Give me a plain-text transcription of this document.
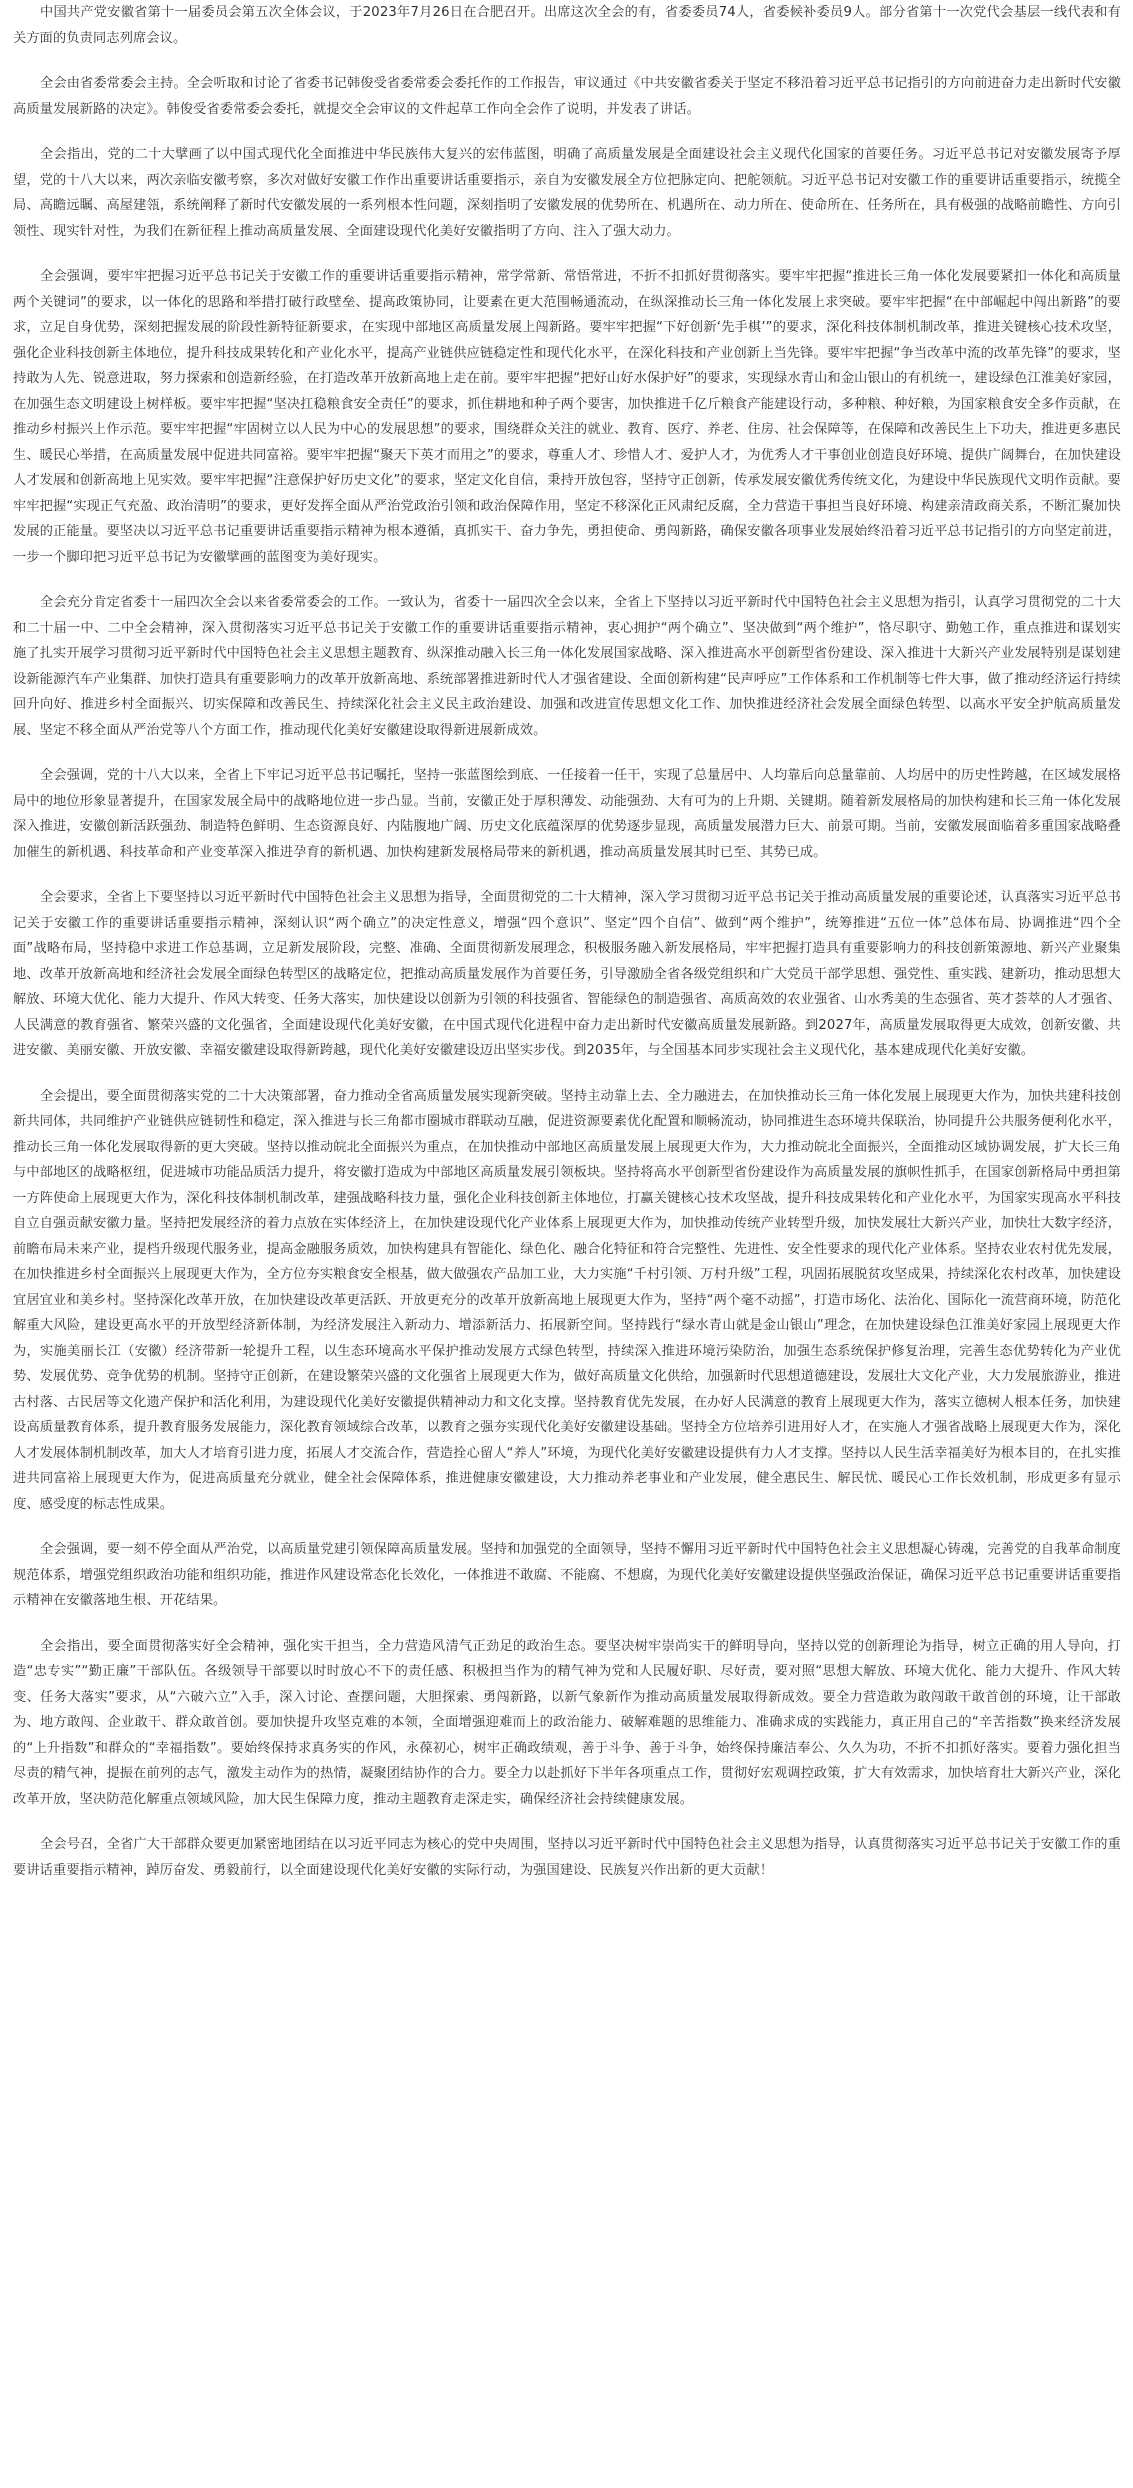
中国共产党安徽省第十一届委员会第五次全体会议，于2023年7月26日在合肥召开。出席这次全会的有，省委委员74人，省委候补委员9人。部分省第十一次党代会基层一线代表和有关方面的负责同志列席会议。

全会由省委常委会主持。全会听取和讨论了省委书记韩俊受省委常委会委托作的工作报告，审议通过《中共安徽省委关于坚定不移沿着习近平总书记指引的方向前进奋力走出新时代安徽高质量发展新路的决定》。韩俊受省委常委会委托，就提交全会审议的文件起草工作向全会作了说明，并发表了讲话。

全会指出，党的二十大擘画了以中国式现代化全面推进中华民族伟大复兴的宏伟蓝图，明确了高质量发展是全面建设社会主义现代化国家的首要任务。习近平总书记对安徽发展寄予厚望，党的十八大以来，两次亲临安徽考察，多次对做好安徽工作作出重要讲话重要指示，亲自为安徽发展全方位把脉定向、把舵领航。习近平总书记对安徽工作的重要讲话重要指示，统揽全局、高瞻远瞩、高屋建瓴，系统阐释了新时代安徽发展的一系列根本性问题，深刻指明了安徽发展的优势所在、机遇所在、动力所在、使命所在、任务所在，具有极强的战略前瞻性、方向引领性、现实针对性，为我们在新征程上推动高质量发展、全面建设现代化美好安徽指明了方向、注入了强大动力。

全会强调，要牢牢把握习近平总书记关于安徽工作的重要讲话重要指示精神，常学常新、常悟常进，不折不扣抓好贯彻落实。要牢牢把握“推进长三角一体化发展要紧扣一体化和高质量两个关键词”的要求，以一体化的思路和举措打破行政壁垒、提高政策协同，让要素在更大范围畅通流动，在纵深推动长三角一体化发展上求突破。要牢牢把握“在中部崛起中闯出新路”的要求，立足自身优势，深刻把握发展的阶段性新特征新要求，在实现中部地区高质量发展上闯新路。要牢牢把握“下好创新‘先手棋’”的要求，深化科技体制机制改革，推进关键核心技术攻坚，强化企业科技创新主体地位，提升科技成果转化和产业化水平，提高产业链供应链稳定性和现代化水平，在深化科技和产业创新上当先锋。要牢牢把握“争当改革中流的改革先锋”的要求，坚持敢为人先、锐意进取，努力探索和创造新经验，在打造改革开放新高地上走在前。要牢牢把握“把好山好水保护好”的要求，实现绿水青山和金山银山的有机统一，建设绿色江淮美好家园，在加强生态文明建设上树样板。要牢牢把握“坚决扛稳粮食安全责任”的要求，抓住耕地和种子两个要害，加快推进千亿斤粮食产能建设行动，多种粮、种好粮，为国家粮食安全多作贡献，在推动乡村振兴上作示范。要牢牢把握“牢固树立以人民为中心的发展思想”的要求，围绕群众关注的就业、教育、医疗、养老、住房、社会保障等，在保障和改善民生上下功夫，推进更多惠民生、暖民心举措，在高质量发展中促进共同富裕。要牢牢把握“聚天下英才而用之”的要求，尊重人才、珍惜人才、爱护人才，为优秀人才干事创业创造良好环境、提供广阔舞台，在加快建设人才发展和创新高地上见实效。要牢牢把握“注意保护好历史文化”的要求，坚定文化自信，秉持开放包容，坚持守正创新，传承发展安徽优秀传统文化，为建设中华民族现代文明作贡献。要牢牢把握“实现正气充盈、政治清明”的要求，更好发挥全面从严治党政治引领和政治保障作用，坚定不移深化正风肃纪反腐，全力营造干事担当良好环境、构建亲清政商关系，不断汇聚加快发展的正能量。要坚决以习近平总书记重要讲话重要指示精神为根本遵循，真抓实干、奋力争先，勇担使命、勇闯新路，确保安徽各项事业发展始终沿着习近平总书记指引的方向坚定前进，一步一个脚印把习近平总书记为安徽擘画的蓝图变为美好现实。

全会充分肯定省委十一届四次全会以来省委常委会的工作。一致认为，省委十一届四次全会以来，全省上下坚持以习近平新时代中国特色社会主义思想为指引，认真学习贯彻党的二十大和二十届一中、二中全会精神，深入贯彻落实习近平总书记关于安徽工作的重要讲话重要指示精神，衷心拥护“两个确立”、坚决做到“两个维护”，恪尽职守、勤勉工作，重点推进和谋划实施了扎实开展学习贯彻习近平新时代中国特色社会主义思想主题教育、纵深推动融入长三角一体化发展国家战略、深入推进高水平创新型省份建设、深入推进十大新兴产业发展特别是谋划建设新能源汽车产业集群、加快打造具有重要影响力的改革开放新高地、系统部署推进新时代人才强省建设、全面创新构建“民声呼应”工作体系和工作机制等七件大事，做了推动经济运行持续回升向好、推进乡村全面振兴、切实保障和改善民生、持续深化社会主义民主政治建设、加强和改进宣传思想文化工作、加快推进经济社会发展全面绿色转型、以高水平安全护航高质量发展、坚定不移全面从严治党等八个方面工作，推动现代化美好安徽建设取得新进展新成效。

全会强调，党的十八大以来，全省上下牢记习近平总书记嘱托，坚持一张蓝图绘到底、一任接着一任干，实现了总量居中、人均靠后向总量靠前、人均居中的历史性跨越，在区域发展格局中的地位形象显著提升，在国家发展全局中的战略地位进一步凸显。当前，安徽正处于厚积薄发、动能强劲、大有可为的上升期、关键期。随着新发展格局的加快构建和长三角一体化发展深入推进，安徽创新活跃强劲、制造特色鲜明、生态资源良好、内陆腹地广阔、历史文化底蕴深厚的优势逐步显现，高质量发展潜力巨大、前景可期。当前，安徽发展面临着多重国家战略叠加催生的新机遇、科技革命和产业变革深入推进孕育的新机遇、加快构建新发展格局带来的新机遇，推动高质量发展其时已至、其势已成。

全会要求，全省上下要坚持以习近平新时代中国特色社会主义思想为指导，全面贯彻党的二十大精神，深入学习贯彻习近平总书记关于推动高质量发展的重要论述，认真落实习近平总书记关于安徽工作的重要讲话重要指示精神，深刻认识“两个确立”的决定性意义，增强“四个意识”、坚定“四个自信”、做到“两个维护”，统筹推进“五位一体”总体布局、协调推进“四个全面”战略布局，坚持稳中求进工作总基调，立足新发展阶段，完整、准确、全面贯彻新发展理念，积极服务融入新发展格局，牢牢把握打造具有重要影响力的科技创新策源地、新兴产业聚集地、改革开放新高地和经济社会发展全面绿色转型区的战略定位，把推动高质量发展作为首要任务，引导激励全省各级党组织和广大党员干部学思想、强党性、重实践、建新功，推动思想大解放、环境大优化、能力大提升、作风大转变、任务大落实，加快建设以创新为引领的科技强省、智能绿色的制造强省、高质高效的农业强省、山水秀美的生态强省、英才荟萃的人才强省、人民满意的教育强省、繁荣兴盛的文化强省，全面建设现代化美好安徽，在中国式现代化进程中奋力走出新时代安徽高质量发展新路。到2027年，高质量发展取得更大成效，创新安徽、共进安徽、美丽安徽、开放安徽、幸福安徽建设取得新跨越，现代化美好安徽建设迈出坚实步伐。到2035年，与全国基本同步实现社会主义现代化，基本建成现代化美好安徽。

全会提出，要全面贯彻落实党的二十大决策部署，奋力推动全省高质量发展实现新突破。坚持主动靠上去、全力融进去，在加快推动长三角一体化发展上展现更大作为，加快共建科技创新共同体，共同维护产业链供应链韧性和稳定，深入推进与长三角都市圈城市群联动互融，促进资源要素优化配置和顺畅流动，协同推进生态环境共保联治，协同提升公共服务便利化水平，推动长三角一体化发展取得新的更大突破。坚持以推动皖北全面振兴为重点，在加快推动中部地区高质量发展上展现更大作为，大力推动皖北全面振兴，全面推动区域协调发展，扩大长三角与中部地区的战略枢纽，促进城市功能品质活力提升，将安徽打造成为中部地区高质量发展引领板块。坚持将高水平创新型省份建设作为高质量发展的旗帜性抓手，在国家创新格局中勇担第一方阵使命上展现更大作为，深化科技体制机制改革，建强战略科技力量，强化企业科技创新主体地位，打赢关键核心技术攻坚战，提升科技成果转化和产业化水平，为国家实现高水平科技自立自强贡献安徽力量。坚持把发展经济的着力点放在实体经济上，在加快建设现代化产业体系上展现更大作为，加快推动传统产业转型升级，加快发展壮大新兴产业，加快壮大数字经济，前瞻布局未来产业，提档升级现代服务业，提高金融服务质效，加快构建具有智能化、绿色化、融合化特征和符合完整性、先进性、安全性要求的现代化产业体系。坚持农业农村优先发展，在加快推进乡村全面振兴上展现更大作为，全方位夯实粮食安全根基，做大做强农产品加工业，大力实施“千村引领、万村升级”工程，巩固拓展脱贫攻坚成果，持续深化农村改革，加快建设宜居宜业和美乡村。坚持深化改革开放，在加快建设改革更活跃、开放更充分的改革开放新高地上展现更大作为，坚持“两个毫不动摇”，打造市场化、法治化、国际化一流营商环境，防范化解重大风险，建设更高水平的开放型经济新体制，为经济发展注入新动力、增添新活力、拓展新空间。坚持践行“绿水青山就是金山银山”理念，在加快建设绿色江淮美好家园上展现更大作为，实施美丽长江（安徽）经济带新一轮提升工程，以生态环境高水平保护推动发展方式绿色转型，持续深入推进环境污染防治，加强生态系统保护修复治理，完善生态优势转化为产业优势、发展优势、竞争优势的机制。坚持守正创新，在建设繁荣兴盛的文化强省上展现更大作为，做好高质量文化供给，加强新时代思想道德建设，发展壮大文化产业，大力发展旅游业，推进古村落、古民居等文化遗产保护和活化利用，为建设现代化美好安徽提供精神动力和文化支撑。坚持教育优先发展，在办好人民满意的教育上展现更大作为，落实立德树人根本任务，加快建设高质量教育体系，提升教育服务发展能力，深化教育领域综合改革，以教育之强夯实现代化美好安徽建设基础。坚持全方位培养引进用好人才，在实施人才强省战略上展现更大作为，深化人才发展体制机制改革，加大人才培育引进力度，拓展人才交流合作，营造拴心留人“养人”环境，为现代化美好安徽建设提供有力人才支撑。坚持以人民生活幸福美好为根本目的，在扎实推进共同富裕上展现更大作为，促进高质量充分就业，健全社会保障体系，推进健康安徽建设，大力推动养老事业和产业发展，健全惠民生、解民忧、暖民心工作长效机制，形成更多有显示度、感受度的标志性成果。

全会强调，要一刻不停全面从严治党，以高质量党建引领保障高质量发展。坚持和加强党的全面领导，坚持不懈用习近平新时代中国特色社会主义思想凝心铸魂，完善党的自我革命制度规范体系，增强党组织政治功能和组织功能，推进作风建设常态化长效化，一体推进不敢腐、不能腐、不想腐，为现代化美好安徽建设提供坚强政治保证，确保习近平总书记重要讲话重要指示精神在安徽落地生根、开花结果。

全会指出，要全面贯彻落实好全会精神，强化实干担当，全力营造风清气正劲足的政治生态。要坚决树牢崇尚实干的鲜明导向，坚持以党的创新理论为指导，树立正确的用人导向，打造“忠专实”“勤正廉”干部队伍。各级领导干部要以时时放心不下的责任感、积极担当作为的精气神为党和人民履好职、尽好责，要对照“思想大解放、环境大优化、能力大提升、作风大转变、任务大落实”要求，从“六破六立”入手，深入讨论、查摆问题，大胆探索、勇闯新路，以新气象新作为推动高质量发展取得新成效。要全力营造敢为敢闯敢干敢首创的环境，让干部敢为、地方敢闯、企业敢干、群众敢首创。要加快提升攻坚克难的本领，全面增强迎难而上的政治能力、破解难题的思维能力、准确求成的实践能力，真正用自己的“辛苦指数”换来经济发展的“上升指数”和群众的“幸福指数”。要始终保持求真务实的作风，永葆初心，树牢正确政绩观，善于斗争、善于斗争，始终保持廉洁奉公、久久为功，不折不扣抓好落实。要着力强化担当尽责的精气神，提振在前列的志气，激发主动作为的热情，凝聚团结协作的合力。要全力以赴抓好下半年各项重点工作，贯彻好宏观调控政策，扩大有效需求，加快培育壮大新兴产业，深化改革开放，坚决防范化解重点领域风险，加大民生保障力度，推动主题教育走深走实，确保经济社会持续健康发展。

全会号召，全省广大干部群众要更加紧密地团结在以习近平同志为核心的党中央周围，坚持以习近平新时代中国特色社会主义思想为指导，认真贯彻落实习近平总书记关于安徽工作的重要讲话重要指示精神，踔厉奋发、勇毅前行，以全面建设现代化美好安徽的实际行动，为强国建设、民族复兴作出新的更大贡献！
